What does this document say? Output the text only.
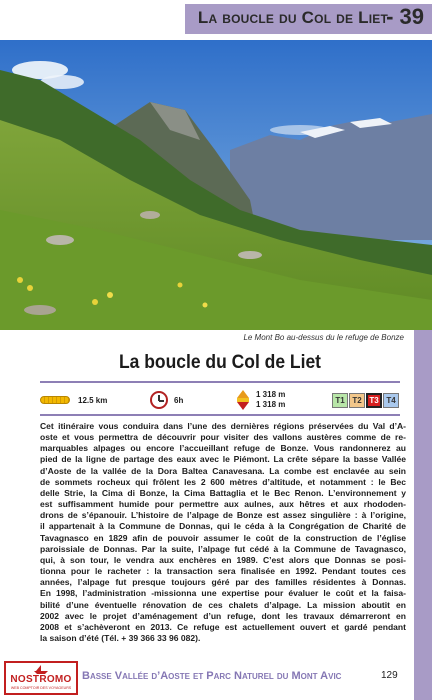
La boucle du Col de Liet
- 39
Le Mont Bo au-dessus du le refuge de Bonze
La boucle du Col de Liet
12.5 km	6h
1 318 m
1 318 m	T1 T2 T3 T4
Cet itinéraire vous conduira dans l’une des dernières régions préservées du Val d’A-
oste et vous permettra de découvrir pour visiter des vallons austères comme de re-
marquables alpages ou encore l’accueillant refuge de Bonze. Vous randonnerez au
pied de la ligne de partage des eaux avec le Piémont. La crête sépare la basse Vallée
d’Aoste de la vallée de la Dora Baltea Canavesana. La combe est enclavée au sein
de sommets rocheux qui frôlent les 2 600 mètres d’altitude, et notamment : le Bec
delle Strie, la Cima di Bonze, la Cima Battaglia et le Bec Renon. L’environnement y
est suffisamment humide pour permettre aux aulnes, aux hêtres et aux rhododen-
drons de s’épanouir. L’histoire de l’alpage de Bonze est assez singulière : à l’origine,
il appartenait à la Commune de Donnas, qui le céda à la Congrégation de Charité de
Tavagnasco en 1829 afin de pouvoir assumer le coût de la construction de l’église
paroissiale de Donnas. Par la suite, l’alpage fut cédé à la Commune de Tavagnasco,
qui, à son tour, le vendra aux enchères en 1989. C’est alors que Donnas se posi-
tionna pour le racheter : la transaction sera finalisée en 1992. Pendant toutes ces
années, l’alpage fut presque toujours géré par des familles résidentes à Donnas.
En 1998, l’administration -missionna une expertise pour évaluer le coût et la faisa-
bilité d’une éventuelle rénovation de ces chalets d’alpage. La mission aboutit en
2002 avec le projet d’aménagement d’un refuge, dont les travaux démarreront en
2008 et s’achèveront en 2013. Ce refuge est actuellement ouvert et gardé pendant
la saison d’été (Tél. + 39 366 33 96 082).
NOSTROMO
WEB COMPTOIR DES VOYAGEURS
Basse Vallée d’Aoste et Parc Naturel du Mont Avic	129
